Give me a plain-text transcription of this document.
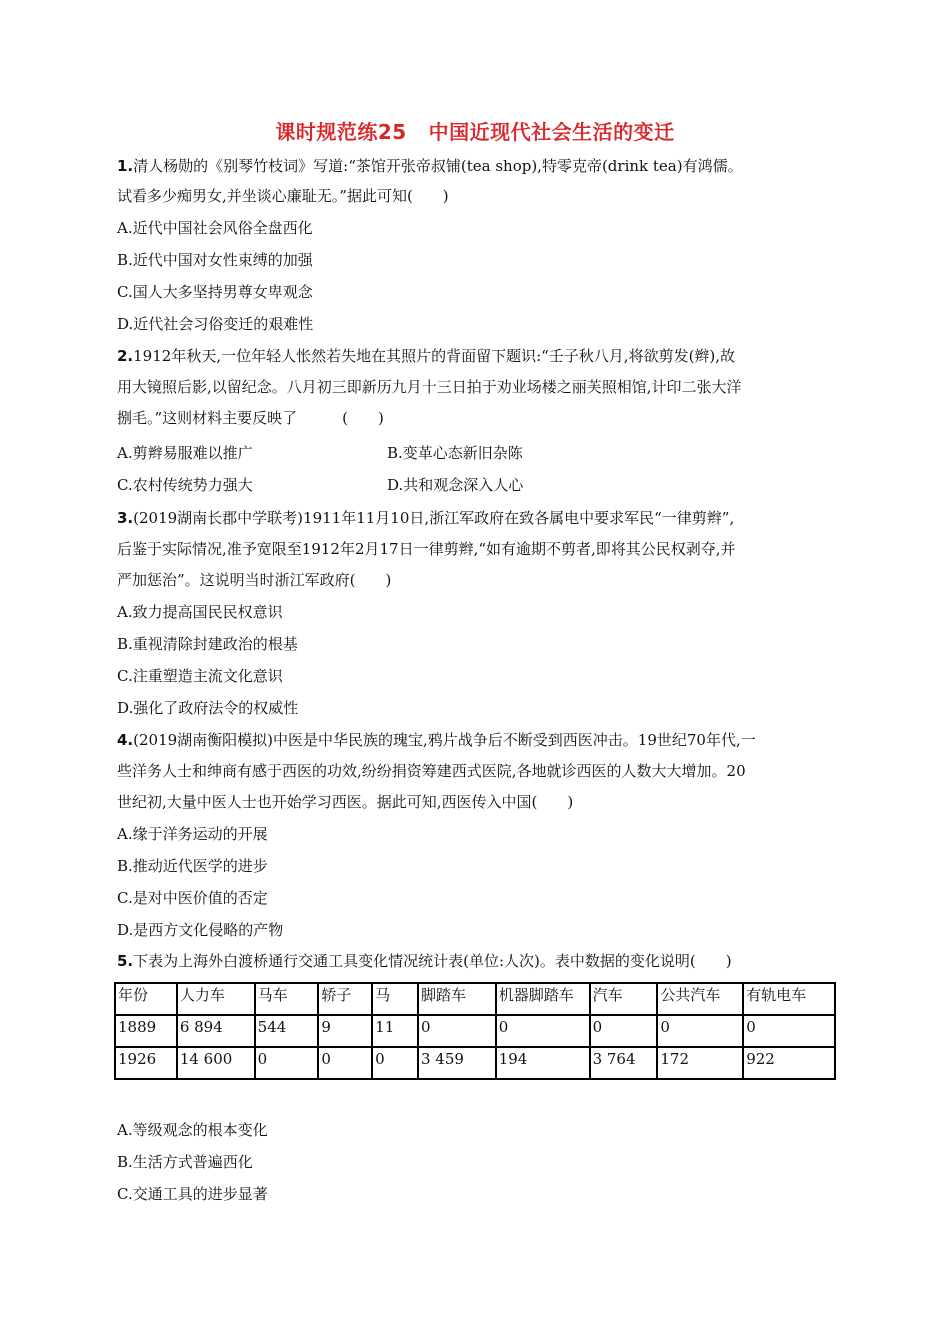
课时规范练25 中国近现代社会生活的变迁
1.清人杨勋的《别琴竹枝词》写道:“茶馆开张帝叔铺(tea shop),特零克帝(drink tea)有鸿儒。
试看多少痴男女,并坐谈心廉耻无。”据此可知(　　)
A.近代中国社会风俗全盘西化
B.近代中国对女性束缚的加强
C.国人大多坚持男尊女卑观念
D.近代社会习俗变迁的艰难性
2.1912年秋天,一位年轻人怅然若失地在其照片的背面留下题识:“壬子秋八月,将欲剪发(辫),故
用大镜照后影,以留纪念。八月初三即新历九月十三日拍于劝业场楼之丽芙照相馆,计印二张大洋
捌毛。”这则材料主要反映了　　　(　　)
A.剪辫易服难以推广	B.变革心态新旧杂陈
C.农村传统势力强大	D.共和观念深入人心
3.(2019湖南长郡中学联考)1911年11月10日,浙江军政府在致各属电中要求军民“一律剪辫”,
后鉴于实际情况,准予宽限至1912年2月17日一律剪辫,“如有逾期不剪者,即将其公民权剥夺,并
严加惩治”。这说明当时浙江军政府(　　)
A.致力提高国民民权意识
B.重视清除封建政治的根基
C.注重塑造主流文化意识
D.强化了政府法令的权威性
4.(2019湖南衡阳模拟)中医是中华民族的瑰宝,鸦片战争后不断受到西医冲击。19世纪70年代,一
些洋务人士和绅商有感于西医的功效,纷纷捐资筹建西式医院,各地就诊西医的人数大大增加。20
世纪初,大量中医人士也开始学习西医。据此可知,西医传入中国(　　)
A.缘于洋务运动的开展
B.推动近代医学的进步
C.是对中医价值的否定
D.是西方文化侵略的产物
5.下表为上海外白渡桥通行交通工具变化情况统计表(单位:人次)。表中数据的变化说明(　　)
年份	人力车	马车	轿子	马	脚踏车	机器脚踏车	汽车	公共汽车	有轨电车
1889	6 894	544	9	11	0	0	0	0	0
1926	14 600	0	0	0	3 459	194	3 764	172	922
A.等级观念的根本变化
B.生活方式普遍西化
C.交通工具的进步显著
